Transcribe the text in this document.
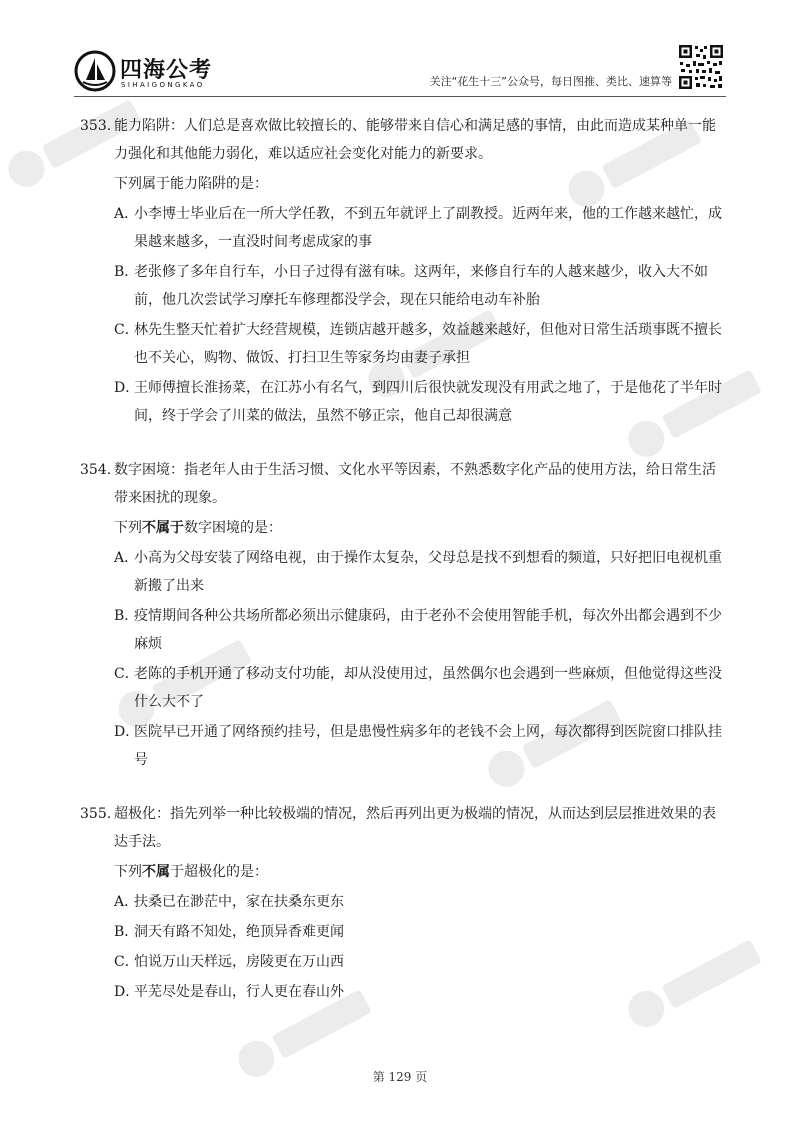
四海公考
SIHAIGONGKAO	关注“花生十三”公众号，每日图推、类比、速算等
353. 能力陷阱：人们总是喜欢做比较擅长的、能够带来自信心和满足感的事情，由此而造成某种单一能力强化和其他能力弱化，难以适应社会变化对能力的新要求。
下列属于能力陷阱的是：
A．
小李博士毕业后在一所大学任教，不到五年就评上了副教授。近两年来，他的工作越来越忙，成果越来越多，一直没时间考虑成家的事
B．
老张修了多年自行车，小日子过得有滋有味。这两年，来修自行车的人越来越少，收入大不如前，他几次尝试学习摩托车修理都没学会，现在只能给电动车补胎
C．
林先生整天忙着扩大经营规模，连锁店越开越多，效益越来越好，但他对日常生活琐事既不擅长也不关心，购物、做饭、打扫卫生等家务均由妻子承担
D．
王师傅擅长淮扬菜，在江苏小有名气，到四川后很快就发现没有用武之地了，于是他花了半年时间，终于学会了川菜的做法，虽然不够正宗，他自己却很满意
354. 数字困境：指老年人由于生活习惯、文化水平等因素，不熟悉数字化产品的使用方法，给日常生活带来困扰的现象。
下列不属于数字困境的是：
A．
小高为父母安装了网络电视，由于操作太复杂，父母总是找不到想看的频道，只好把旧电视机重新搬了出来
B．
疫情期间各种公共场所都必须出示健康码，由于老孙不会使用智能手机，每次外出都会遇到不少麻烦
C．
老陈的手机开通了移动支付功能，却从没使用过，虽然偶尔也会遇到一些麻烦，但他觉得这些没什么大不了
D．
医院早已开通了网络预约挂号，但是患慢性病多年的老钱不会上网，每次都得到医院窗口排队挂号
355. 超极化：指先列举一种比较极端的情况，然后再列出更为极端的情况，从而达到层层推进效果的表达手法。
下列不属于超极化的是：
A．
扶桑已在渺茫中，家在扶桑东更东
B．
洞天有路不知处，绝顶异香难更闻
C．
怕说万山天样远，房陵更在万山西
D．
平芜尽处是春山，行人更在春山外
第 129 页
